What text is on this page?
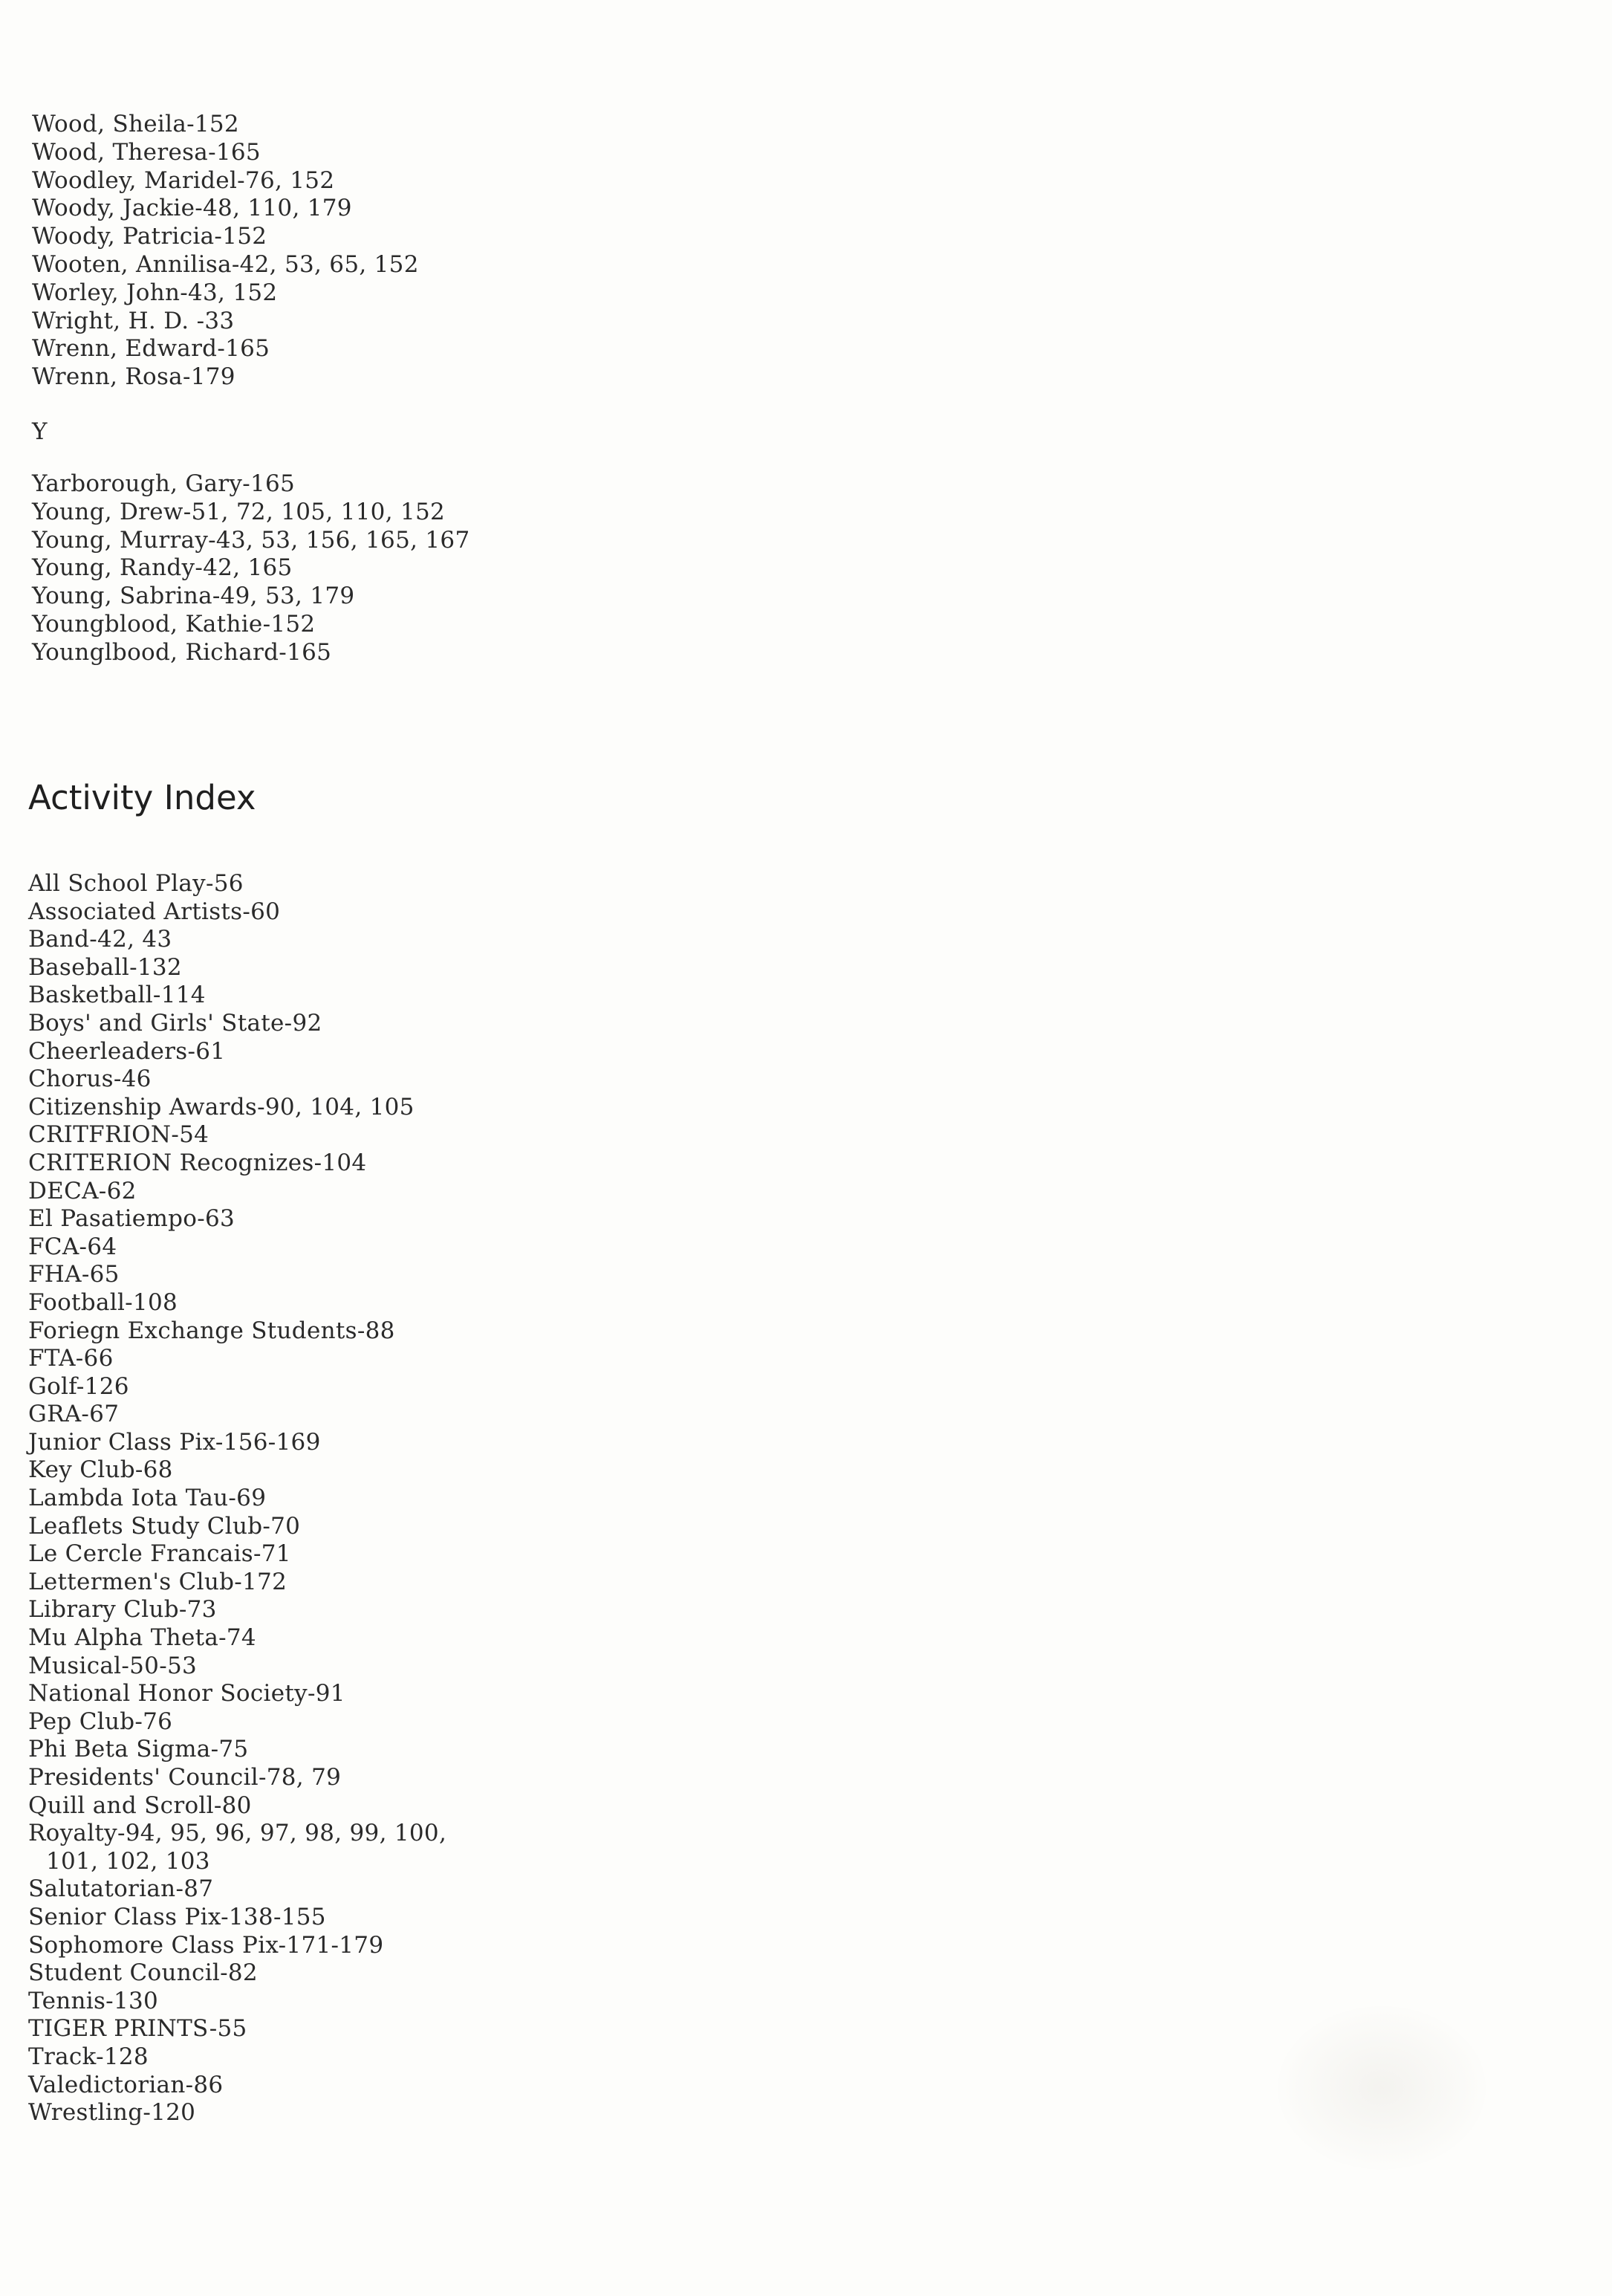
Wood, Sheila-152
Wood, Theresa-165
Woodley, Maridel-76, 152
Woody, Jackie-48, 110, 179
Woody, Patricia-152
Wooten, Annilisa-42, 53, 65, 152
Worley, John-43, 152
Wright, H. D. -33
Wrenn, Edward-165
Wrenn, Rosa-179
Y
Yarborough, Gary-165
Young, Drew-51, 72, 105, 110, 152
Young, Murray-43, 53, 156, 165, 167
Young, Randy-42, 165
Young, Sabrina-49, 53, 179
Youngblood, Kathie-152
Younglbood, Richard-165
Activity Index
All School Play-56
Associated Artists-60
Band-42, 43
Baseball-132
Basketball-114
Boys' and Girls' State-92
Cheerleaders-61
Chorus-46
Citizenship Awards-90, 104, 105
CRITFRION-54
CRITERION Recognizes-104
DECA-62
El Pasatiempo-63
FCA-64
FHA-65
Football-108
Foriegn Exchange Students-88
FTA-66
Golf-126
GRA-67
Junior Class Pix-156-169
Key Club-68
Lambda Iota Tau-69
Leaflets Study Club-70
Le Cercle Francais-71
Lettermen's Club-172
Library Club-73
Mu Alpha Theta-74
Musical-50-53
National Honor Society-91
Pep Club-76
Phi Beta Sigma-75
Presidents' Council-78, 79
Quill and Scroll-80
Royalty-94, 95, 96, 97, 98, 99, 100,
101, 102, 103
Salutatorian-87
Senior Class Pix-138-155
Sophomore Class Pix-171-179
Student Council-82
Tennis-130
TIGER PRINTS-55
Track-128
Valedictorian-86
Wrestling-120
